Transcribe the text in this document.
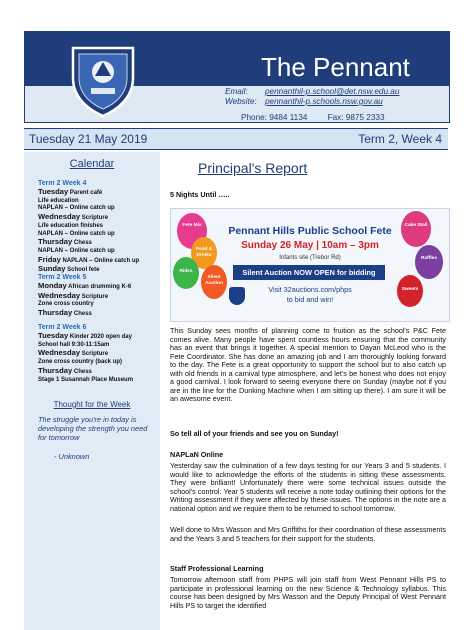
The Pennant
Email: pennanthil-p.school@det.nsw.edu.au
Website: pennanthil-p.schools.nsw.gov.au
Phone: 9484 1134 Fax: 9875 2333
Tuesday 21 May 2019	Term 2, Week 4
Calendar
Term 2 Week 4
Tuesday Parent café
Life education
NAPLAN – Online catch up
Wednesday Scripture
Life education finishes
NAPLAN – Online catch up
Thursday Chess
NAPLAN – Online catch up
Friday NAPLAN – Online catch up
Sunday School fete
Term 2 Week 5
Monday African drumming K-6
Wednesday Scripture
Zone cross country
Thursday Chess
Term 2 Week 6
Tuesday Kinder 2020 open day
School hall 9:30-11:15am
Wednesday Scripture
Zone cross country (back up)
Thursday Chess
Stage 1 Susannah Place Museum
Thought for the Week
The struggle you're in today is developing the strength you need for tomorrow
- Unknown
Principal's Report
5 Nights Until …..
Fete Mix
Food & Drinks
Rides
Silent Auction
Cake Stall
Raffles
Sweets
Pennant Hills Public School Fete
Sunday 26 May | 10am – 3pm
Infants site (Trebor Rd)
Silent Auction NOW OPEN for bidding
Visit 32auctions.com/phps
to bid and win!
This Sunday sees months of planning come to fruition as the school's P&C Fete comes alive. Many people have spent countless hours ensuring that the community has an event that brings it together. A special mention to Dayan McLeod who is the Fete Coordinator. She has done an amazing job and I am thoroughly looking forward to the day. The Fete is a great opportunity to support the school but to also catch up with old friends in a carnival type atmosphere, and let's be honest who does not enjoy a good carnival. I look forward to seeing everyone there on Sunday (maybe not if you are in the line for the Dunking Machine when I am sitting up there). I am sure it will be an awesome event.
So tell all of your friends and see you on Sunday!
NAPLaN Online
Yesterday saw the culmination of a few days testing for our Years 3 and 5 students. I would like to acknowledge the efforts of the students in sitting these assessments. They were brilliant! Unfortunately there were some technical issues outside the school's control. Year 5 students will receive a note today outlining their options for the Writing assessment if they were affected by these issues. The options in the note are a national option and we require them to be returned to school tomorrow.
Well done to Mrs Wasson and Mrs Griffiths for their coordination of these assessments and the Years 3 and 5 teachers for their support for the students.
Staff Professional Learning
Tomorrow afternoon staff from PHPS will join staff from West Pennant Hills PS to participate in professional learning on the new Science & Technology syllabus. This course has been designed by Mrs Wasson and the Deputy Principal of West Pennant Hills PS to target the identified
